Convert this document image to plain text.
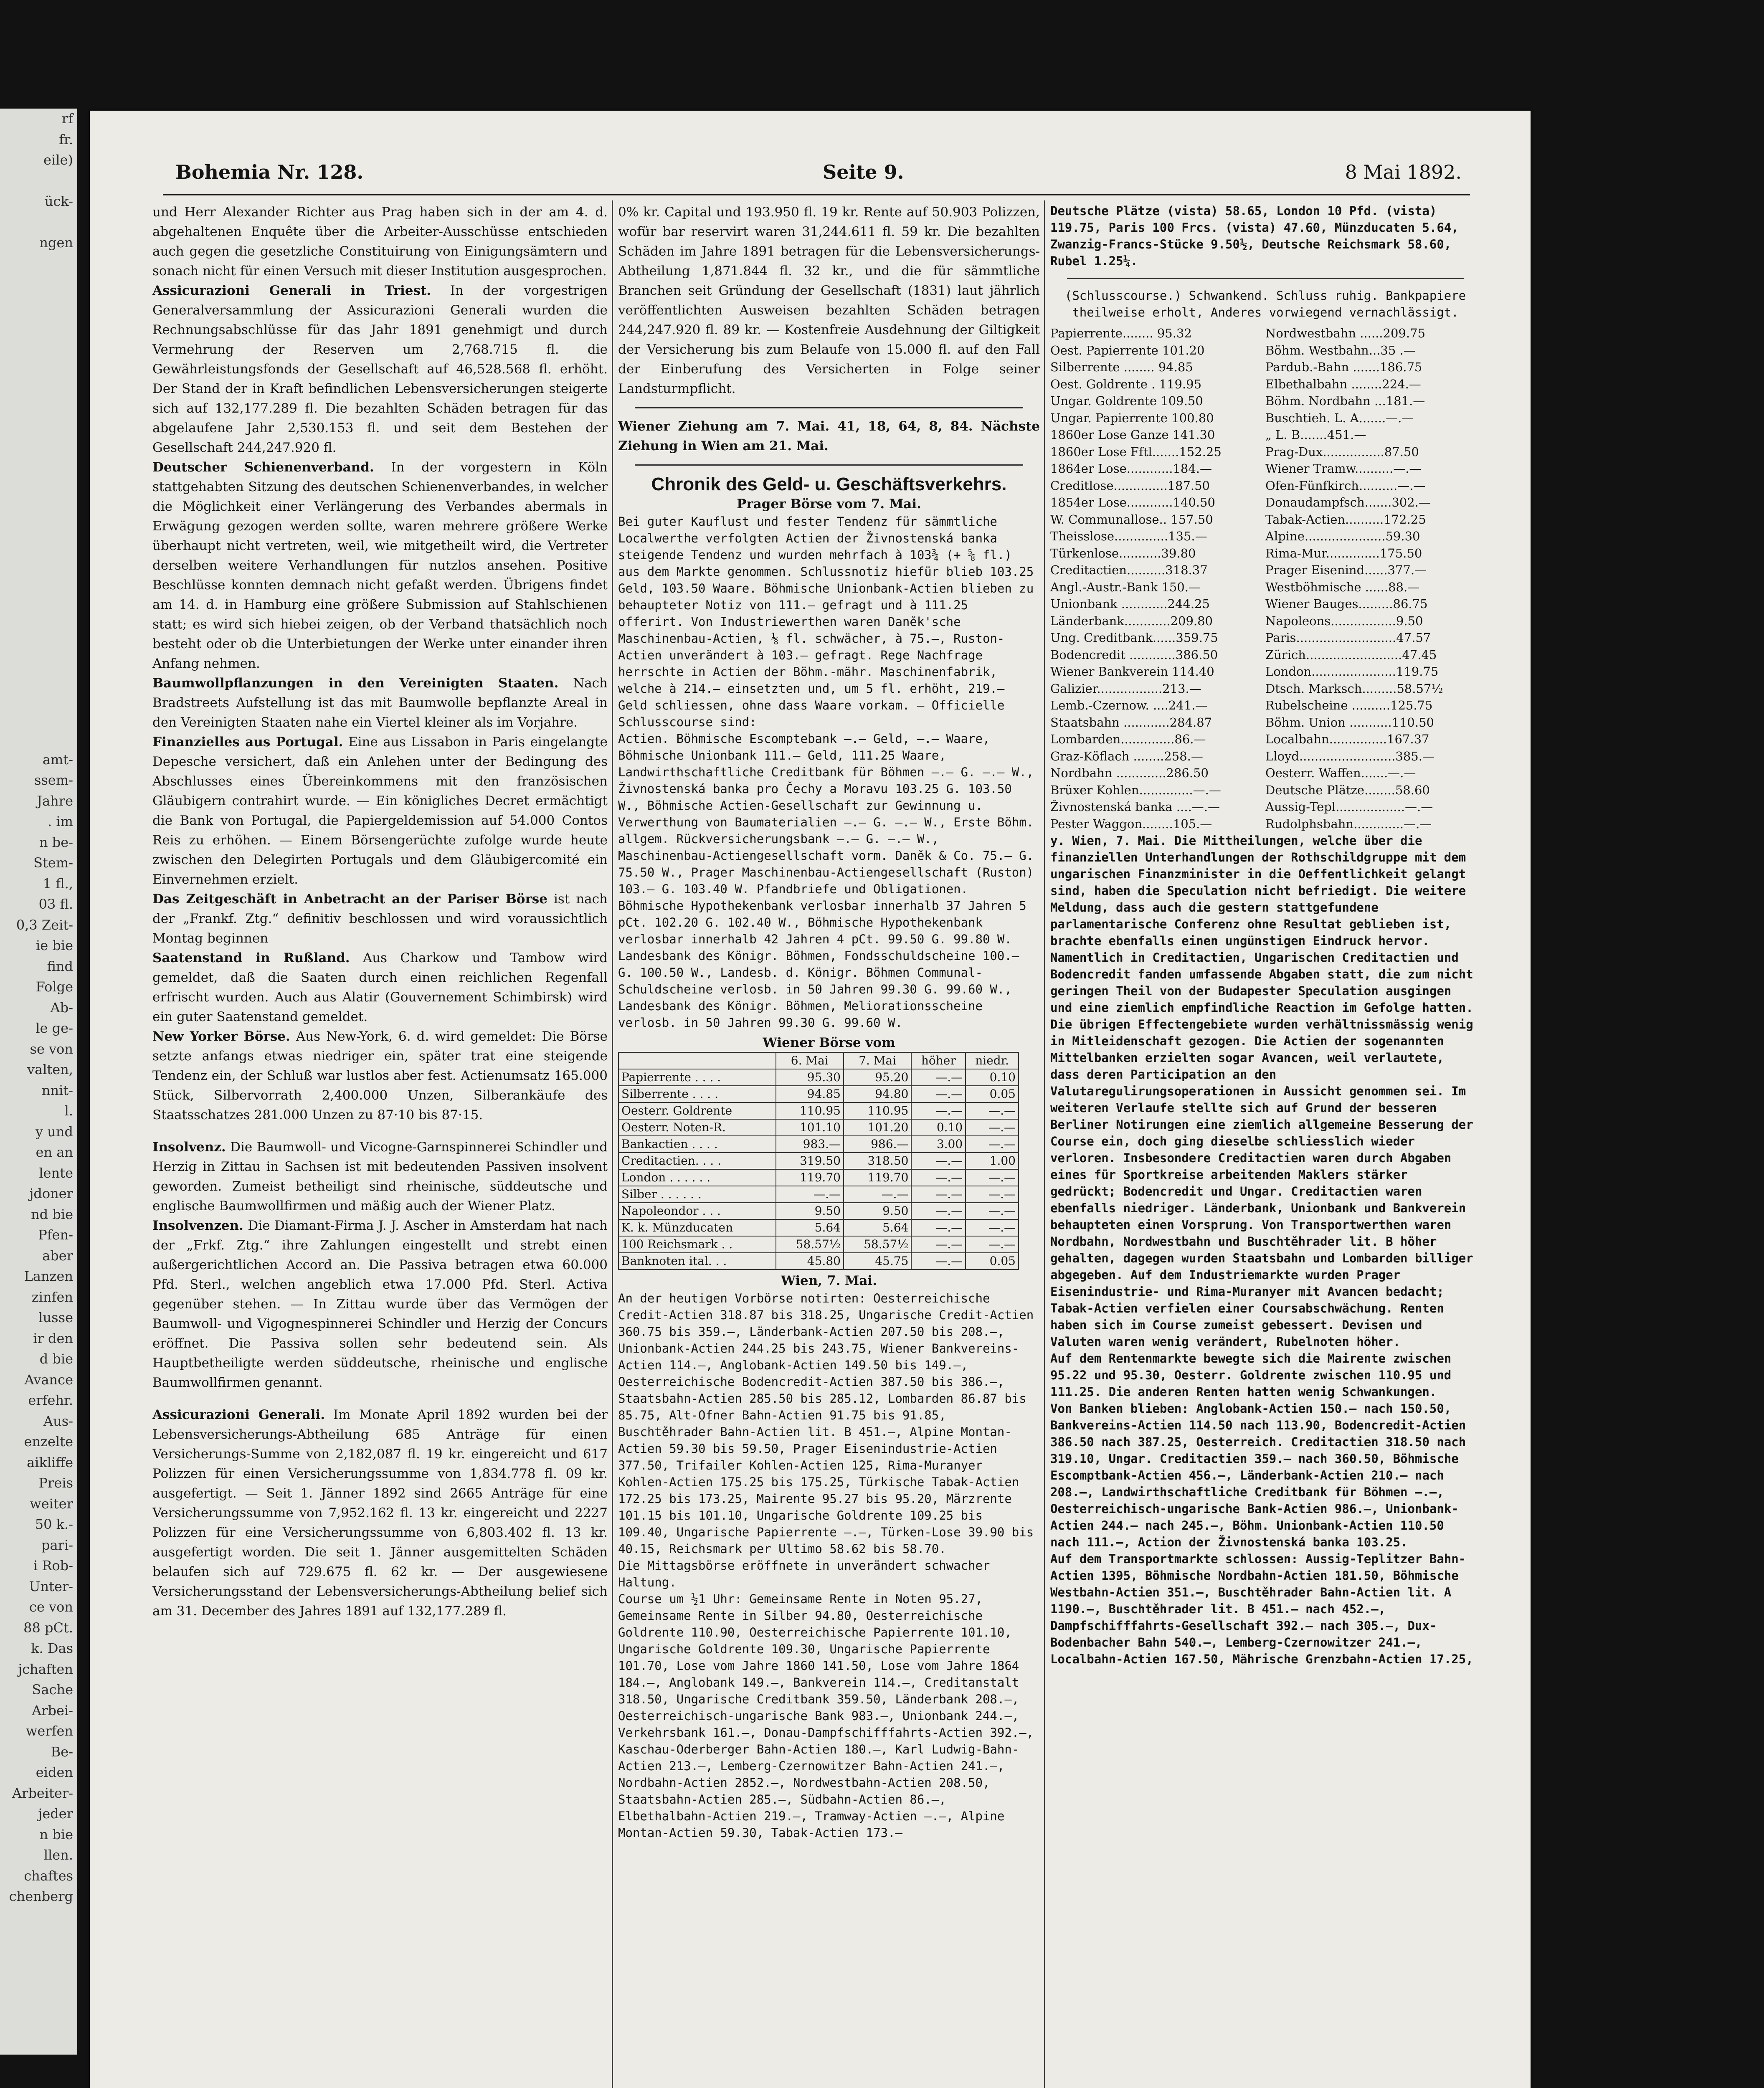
rf
fr.
eile)

ück-

ngen

amt-
ssem-
Jahre
. im
n be-
Stem-
1 fl.,
03 fl.
0,3 Zeit-
ie bie
find
Folge
Ab-
le ge-
se von
valten,
nnit-
l.
y und
en an
lente
jdoner
nd bie
Pfen-
aber
Lanzen
zinfen
lusse
ir den
d bie
Avance
erfehr.
Aus-
enzelte
aikliffe
Preis
weiter
50 k.-
pari-
i Rob-
Unter-
ce von
88 pCt.
k. Das
jchaften
Sache
Arbei-
werfen
Be-
eiden
Arbeiter-
jeder
n bie
llen.
chaftes
chenberg
Bohemia Nr. 128.	Seite 9.	8 Mai 1892.

und Herr Alexander Richter aus Prag haben sich in der am 4. d. abgehaltenen Enquête über die Arbeiter-Ausschüsse entschieden auch gegen die gesetzliche Constituirung von Einigungsämtern und sonach nicht für einen Versuch mit dieser Institution ausgesprochen.

Assicurazioni Generali in Triest. In der vorgestrigen Generalversammlung der Assicurazioni Generali wurden die Rechnungsabschlüsse für das Jahr 1891 genehmigt und durch Vermehrung der Reserven um 2,768.715 fl. die Gewährleistungsfonds der Gesellschaft auf 46,528.568 fl. erhöht. Der Stand der in Kraft befindlichen Lebensversicherungen steigerte sich auf 132,177.289 fl. Die bezahlten Schäden betragen für das abgelaufene Jahr 2,530.153 fl. und seit dem Bestehen der Gesellschaft 244,247.920 fl.

Deutscher Schienenverband. In der vorgestern in Köln stattgehabten Sitzung des deutschen Schienenverbandes, in welcher die Möglichkeit einer Verlängerung des Verbandes abermals in Erwägung gezogen werden sollte, waren mehrere größere Werke überhaupt nicht vertreten, weil, wie mitgetheilt wird, die Vertreter derselben weitere Verhandlungen für nutzlos ansehen. Positive Beschlüsse konnten demnach nicht gefaßt werden. Übrigens findet am 14. d. in Hamburg eine größere Submission auf Stahlschienen statt; es wird sich hiebei zeigen, ob der Verband thatsächlich noch besteht oder ob die Unterbietungen der Werke unter einander ihren Anfang nehmen.

Baumwollpflanzungen in den Vereinigten Staaten. Nach Bradstreets Aufstellung ist das mit Baumwolle bepflanzte Areal in den Vereinigten Staaten nahe ein Viertel kleiner als im Vorjahre.

Finanzielles aus Portugal. Eine aus Lissabon in Paris eingelangte Depesche versichert, daß ein Anlehen unter der Bedingung des Abschlusses eines Übereinkommens mit den französischen Gläubigern contrahirt wurde. — Ein königliches Decret ermächtigt die Bank von Portugal, die Papiergeldemission auf 54.000 Contos Reis zu erhöhen. — Einem Börsengerüchte zufolge wurde heute zwischen den Delegirten Portugals und dem Gläubigercomité ein Einvernehmen erzielt.

Das Zeitgeschäft in Anbetracht an der Pariser Börse ist nach der „Frankf. Ztg.“ definitiv beschlossen und wird voraussichtlich Montag beginnen

Saatenstand in Rußland. Aus Charkow und Tambow wird gemeldet, daß die Saaten durch einen reichlichen Regenfall erfrischt wurden. Auch aus Alatir (Gouvernement Schimbirsk) wird ein guter Saatenstand gemeldet.

New Yorker Börse. Aus New-York, 6. d. wird gemeldet: Die Börse setzte anfangs etwas niedriger ein, später trat eine steigende Tendenz ein, der Schluß war lustlos aber fest. Actienumsatz 165.000 Stück, Silbervorrath 2,400.000 Unzen, Silberankäufe des Staatsschatzes 281.000 Unzen zu 87·10 bis 87·15.

Insolvenz. Die Baumwoll- und Vicogne-Garnspinnerei Schindler und Herzig in Zittau in Sachsen ist mit bedeutenden Passiven insolvent geworden. Zumeist betheiligt sind rheinische, süddeutsche und englische Baumwollfirmen und mäßig auch der Wiener Platz.

Insolvenzen. Die Diamant-Firma J. J. Ascher in Amsterdam hat nach der „Frkf. Ztg.“ ihre Zahlungen eingestellt und strebt einen außergerichtlichen Accord an. Die Passiva betragen etwa 60.000 Pfd. Sterl., welchen angeblich etwa 17.000 Pfd. Sterl. Activa gegenüber stehen. — In Zittau wurde über das Vermögen der Baumwoll- und Vigognespinnerei Schindler und Herzig der Concurs eröffnet. Die Passiva sollen sehr bedeutend sein. Als Hauptbetheiligte werden süddeutsche, rheinische und englische Baumwollfirmen genannt.

Assicurazioni Generali. Im Monate April 1892 wurden bei der Lebensversicherungs-Abtheilung 685 Anträge für einen Versicherungs-Summe von 2,182,087 fl. 19 kr. eingereicht und 617 Polizzen für einen Versicherungssumme von 1,834.778 fl. 09 kr. ausgefertigt. — Seit 1. Jänner 1892 sind 2665 Anträge für eine Versicherungssumme von 7,952.162 fl. 13 kr. eingereicht und 2227 Polizzen für eine Versicherungssumme von 6,803.402 fl. 13 kr. ausgefertigt worden. Die seit 1. Jänner ausgemittelten Schäden belaufen sich auf 729.675 fl. 62 kr. — Der ausgewiesene Versicherungsstand der Lebensversicherungs-Abtheilung belief sich am 31. December des Jahres 1891 auf 132,177.289 fl.

0% kr. Capital und 193.950 fl. 19 kr. Rente auf 50.903 Polizzen, wofür bar reservirt waren 31,244.611 fl. 59 kr. Die bezahlten Schäden im Jahre 1891 betragen für die Lebensversicherungs-Abtheilung 1,871.844 fl. 32 kr., und die für sämmtliche Branchen seit Gründung der Gesellschaft (1831) laut jährlich veröffentlichten Ausweisen bezahlten Schäden betragen 244,247.920 fl. 89 kr. — Kostenfreie Ausdehnung der Giltigkeit der Versicherung bis zum Belaufe von 15.000 fl. auf den Fall der Einberufung des Versicherten in Folge seiner Landsturmpflicht.

Wiener Ziehung am 7. Mai. 41, 18, 64, 8, 84. Nächste Ziehung in Wien am 21. Mai.

Chronik des Geld- u. Geschäftsverkehrs.

Prager Börse vom 7. Mai.

Bei guter Kauflust und fester Tendenz für sämmtliche Localwerthe verfolgten Actien der Živnostenská banka steigende Tendenz und wurden mehrfach à 103¾ (+ ⅝ fl.) aus dem Markte genommen. Schlussnotiz hiefür blieb 103.25 Geld, 103.50 Waare. Böhmische Unionbank-Actien blieben zu behaupteter Notiz von 111.— gefragt und à 111.25 offerirt. Von Industriewerthen waren Daněk'sche Maschinenbau-Actien, ⅛ fl. schwächer, à 75.—, Ruston-Actien unverändert à 103.— gefragt. Rege Nachfrage herrschte in Actien der Böhm.-mähr. Maschinenfabrik, welche à 214.— einsetzten und, um 5 fl. erhöht, 219.— Geld schliessen, ohne dass Waare vorkam. — Officielle Schlusscourse sind:

Actien. Böhmische Escomptebank —.— Geld, —.— Waare, Böhmische Unionbank 111.— Geld, 111.25 Waare, Landwirthschaftliche Creditbank für Böhmen —.— G. —.— W., Živnostenská banka pro Čechy a Moravu 103.25 G. 103.50 W., Böhmische Actien-Gesellschaft zur Gewinnung u. Verwerthung von Baumaterialien —.— G. —.— W., Erste Böhm. allgem. Rückversicherungsbank —.— G. —.— W., Maschinenbau-Actiengesellschaft vorm. Daněk & Co. 75.— G. 75.50 W., Prager Maschinenbau-Actiengesellschaft (Ruston) 103.— G. 103.40 W. Pfandbriefe und Obligationen. Böhmische Hypothekenbank verlosbar innerhalb 37 Jahren 5 pCt. 102.20 G. 102.40 W., Böhmische Hypothekenbank verlosbar innerhalb 42 Jahren 4 pCt. 99.50 G. 99.80 W. Landesbank des Königr. Böhmen, Fondsschuldscheine 100.— G. 100.50 W., Landesb. d. Königr. Böhmen Communal-Schuldscheine verlosb. in 50 Jahren 99.30 G. 99.60 W., Landesbank des Königr. Böhmen, Meliorationsscheine verlosb. in 50 Jahren 99.30 G. 99.60 W.

Wiener Börse vom
	6. Mai	7. Mai	höher	niedr.
Papierrente . . . .	95.30	95.20	—.—	0.10
Silberrente . . . .	94.85	94.80	—.—	0.05
Oesterr. Goldrente	110.95	110.95	—.—	—.—
Oesterr. Noten-R.	101.10	101.20	0.10	—.—
Bankactien . . . .	983.—	986.—	3.00	—.—
Creditactien. . . .	319.50	318.50	—.—	1.00
London . . . . . .	119.70	119.70	—.—	—.—
Silber . . . . . .	—.—	—.—	—.—	—.—
Napoleondor . . .	9.50	9.50	—.—	—.—
K. k. Münzducaten	5.64	5.64	—.—	—.—
100 Reichsmark . .	58.57½	58.57½	—.—	—.—
Banknoten ital. . .	45.80	45.75	—.—	0.05

Wien, 7. Mai.

An der heutigen Vorbörse notirten: Oesterreichische Credit-Actien 318.87 bis 318.25, Ungarische Credit-Actien 360.75 bis 359.—, Länderbank-Actien 207.50 bis 208.—, Unionbank-Actien 244.25 bis 243.75, Wiener Bankvereins-Actien 114.—, Anglobank-Actien 149.50 bis 149.—, Oesterreichische Bodencredit-Actien 387.50 bis 386.—, Staatsbahn-Actien 285.50 bis 285.12, Lombarden 86.87 bis 85.75, Alt-Ofner Bahn-Actien 91.75 bis 91.85, Buschtěhrader Bahn-Actien lit. B 451.—, Alpine Montan-Actien 59.30 bis 59.50, Prager Eisenindustrie-Actien 377.50, Trifailer Kohlen-Actien 125, Rima-Muranyer Kohlen-Actien 175.25 bis 175.25, Türkische Tabak-Actien 172.25 bis 173.25, Mairente 95.27 bis 95.20, Märzrente 101.15 bis 101.10, Ungarische Goldrente 109.25 bis 109.40, Ungarische Papierrente —.—, Türken-Lose 39.90 bis 40.15, Reichsmark per Ultimo 58.62 bis 58.70.

Die Mittagsbörse eröffnete in unverändert schwacher Haltung.

Course um ½1 Uhr: Gemeinsame Rente in Noten 95.27, Gemeinsame Rente in Silber 94.80, Oesterreichische Goldrente 110.90, Oesterreichische Papierrente 101.10, Ungarische Goldrente 109.30, Ungarische Papierrente 101.70, Lose vom Jahre 1860 141.50, Lose vom Jahre 1864 184.—, Anglobank 149.—, Bankverein 114.—, Creditanstalt 318.50, Ungarische Creditbank 359.50, Länderbank 208.—, Oesterreichisch-ungarische Bank 983.—, Unionbank 244.—, Verkehrsbank 161.—, Donau-Dampfschifffahrts-Actien 392.—, Kaschau-Oderberger Bahn-Actien 180.—, Karl Ludwig-Bahn-Actien 213.—, Lemberg-Czernowitzer Bahn-Actien 241.—, Nordbahn-Actien 2852.—, Nordwestbahn-Actien 208.50, Staatsbahn-Actien 285.—, Südbahn-Actien 86.—, Elbethalbahn-Actien 219.—, Tramway-Actien —.—, Alpine Montan-Actien 59.30, Tabak-Actien 173.—

Deutsche Plätze (vista) 58.65, London 10 Pfd. (vista) 119.75, Paris 100 Frcs. (vista) 47.60, Münzducaten 5.64, Zwanzig-Francs-Stücke 9.50½, Deutsche Reichsmark 58.60, Rubel 1.25¼.

(Schlusscourse.) Schwankend. Schluss ruhig. Bankpapiere theilweise erholt, Anderes vorwiegend vernachlässigt.

Papierrente........ 95.32	Nordwestbahn ......209.75
Oest. Papierrente 101.20	Böhm. Westbahn...35 .—
Silberrente ........ 94.85	Pardub.-Bahn .......186.75
Oest. Goldrente . 119.95	Elbethalbahn ........224.—
Ungar. Goldrente 109.50	Böhm. Nordbahn ...181.—
Ungar. Papierrente 100.80	Buschtieh. L. A.......—.—
1860er Lose Ganze 141.30	„ L. B.......451.—
1860er Lose Fftl.......152.25	Prag-Dux................87.50
1864er Lose............184.—	Wiener Tramw..........—.—
Creditlose..............187.50	Ofen-Fünfkirch..........—.—
1854er Lose............140.50	Donaudampfsch.......302.—
W. Communallose.. 157.50	Tabak-Actien..........172.25
Theisslose..............135.—	Alpine.....................59.30
Türkenlose...........39.80	Rima-Mur..............175.50
Creditactien..........318.37	Prager Eisenind......377.—
Angl.-Austr.-Bank 150.—	Westböhmische ......88.—
Unionbank ............244.25	Wiener Bauges.........86.75
Länderbank............209.80	Napoleons.................9.50
Ung. Creditbank......359.75	Paris..........................47.57
Bodencredit ............386.50	Zürich.........................47.45
Wiener Bankverein 114.40	London......................119.75
Galizier.................213.—	Dtsch. Marksch.........58.57½
Lemb.-Czernow. ....241.—	Rubelscheine ..........125.75
Staatsbahn ............284.87	Böhm. Union ...........110.50
Lombarden..............86.—	Localbahn...............167.37
Graz-Köflach ........258.—	Lloyd.........................385.—
Nordbahn .............286.50	Oesterr. Waffen.......—.—
Brüxer Kohlen..............—.—	Deutsche Plätze........58.60
Živnostenská banka ....—.—	Aussig-Tepl..................—.—
Pester Waggon........105.—	Rudolphsbahn.............—.—

y. Wien, 7. Mai. Die Mittheilungen, welche über die finanziellen Unterhandlungen der Rothschildgruppe mit dem ungarischen Finanzminister in die Oeffentlichkeit gelangt sind, haben die Speculation nicht befriedigt. Die weitere Meldung, dass auch die gestern stattgefundene parlamentarische Conferenz ohne Resultat geblieben ist, brachte ebenfalls einen ungünstigen Eindruck hervor. Namentlich in Creditactien, Ungarischen Creditactien und Bodencredit fanden umfassende Abgaben statt, die zum nicht geringen Theil von der Budapester Speculation ausgingen und eine ziemlich empfindliche Reaction im Gefolge hatten. Die übrigen Effectengebiete wurden verhältnissmässig wenig in Mitleidenschaft gezogen. Die Actien der sogenannten Mittelbanken erzielten sogar Avancen, weil verlautete, dass deren Participation an den Valutaregulirungsoperationen in Aussicht genommen sei. Im weiteren Verlaufe stellte sich auf Grund der besseren Berliner Notirungen eine ziemlich allgemeine Besserung der Course ein, doch ging dieselbe schliesslich wieder verloren. Insbesondere Creditactien waren durch Abgaben eines für Sportkreise arbeitenden Maklers stärker gedrückt; Bodencredit und Ungar. Creditactien waren ebenfalls niedriger. Länderbank, Unionbank und Bankverein behaupteten einen Vorsprung. Von Transportwerthen waren Nordbahn, Nordwestbahn und Buschtěhrader lit. B höher gehalten, dagegen wurden Staatsbahn und Lombarden billiger abgegeben. Auf dem Industriemarkte wurden Prager Eisenindustrie- und Rima-Muranyer mit Avancen bedacht; Tabak-Actien verfielen einer Coursabschwächung. Renten haben sich im Course zumeist gebessert. Devisen und Valuten waren wenig verändert, Rubelnoten höher.

Auf dem Rentenmarkte bewegte sich die Mairente zwischen 95.22 und 95.30, Oesterr. Goldrente zwischen 110.95 und 111.25. Die anderen Renten hatten wenig Schwankungen.

Von Banken blieben: Anglobank-Actien 150.— nach 150.50, Bankvereins-Actien 114.50 nach 113.90, Bodencredit-Actien 386.50 nach 387.25, Oesterreich. Creditactien 318.50 nach 319.10, Ungar. Creditactien 359.— nach 360.50, Böhmische Escomptbank-Actien 456.—, Länderbank-Actien 210.— nach 208.—, Landwirthschaftliche Creditbank für Böhmen —.—, Oesterreichisch-ungarische Bank-Actien 986.—, Unionbank-Actien 244.— nach 245.—, Böhm. Unionbank-Actien 110.50 nach 111.—, Action der Živnostenská banka 103.25.

Auf dem Transportmarkte schlossen: Aussig-Teplitzer Bahn-Actien 1395, Böhmische Nordbahn-Actien 181.50, Böhmische Westbahn-Actien 351.—, Buschtěhrader Bahn-Actien lit. A 1190.—, Buschtěhrader lit. B 451.— nach 452.—, Dampfschifffahrts-Gesellschaft 392.— nach 305.—, Dux-Bodenbacher Bahn 540.—, Lemberg-Czernowitzer 241.—, Localbahn-Actien 167.50, Mährische Grenzbahn-Actien 17.25,
